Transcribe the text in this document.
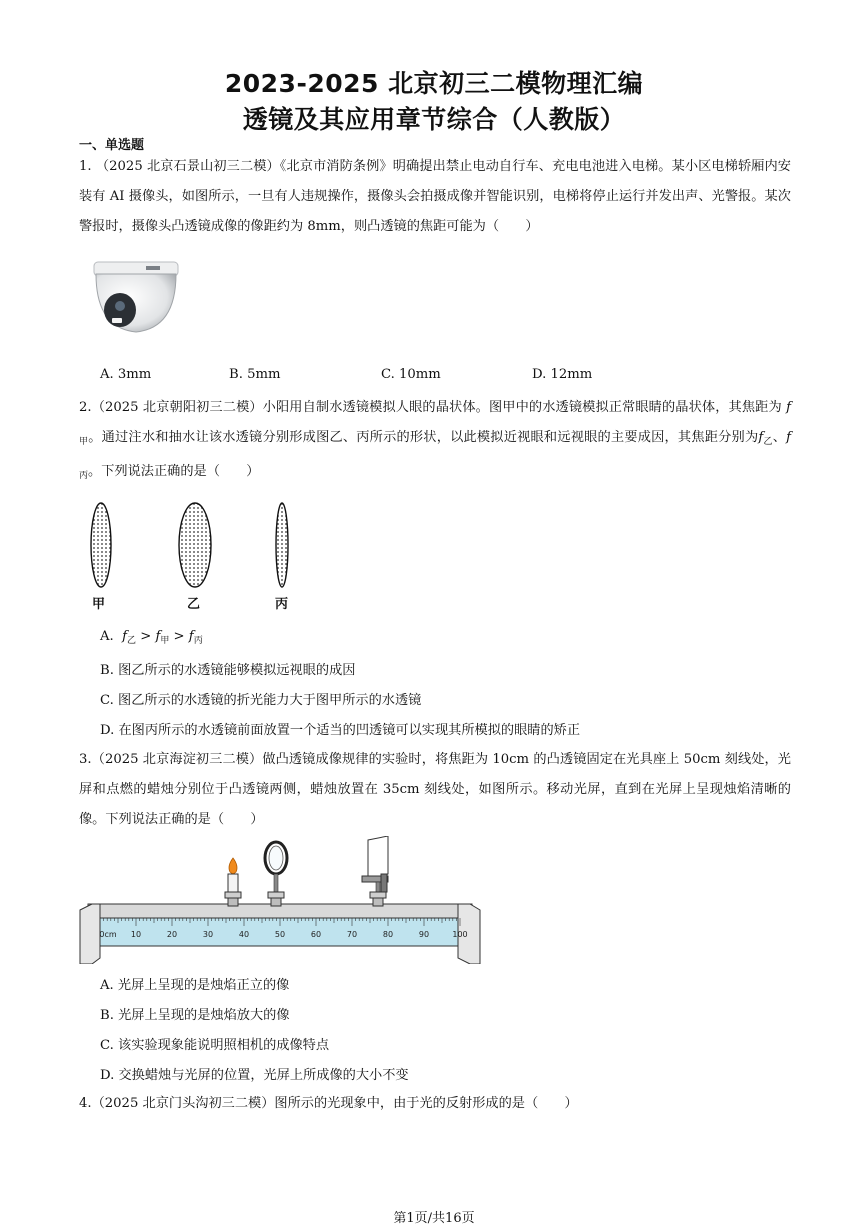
2023-2025 北京初三二模物理汇编
透镜及其应用章节综合（人教版）
一、单选题
1. （2025 北京石景山初三二模）《北京市消防条例》明确提出禁止电动自行车、充电电池进入电梯。某小区电梯轿厢内安装有 AI 摄像头，如图所示，一旦有人违规操作，摄像头会拍摄成像并智能识别，电梯将停止运行并发出声、光警报。某次警报时，摄像头凸透镜成像的像距约为 8mm，则凸透镜的焦距可能为（　　）
A. 3mm	B. 5mm	C. 10mm	D. 12mm
2.（2025 北京朝阳初三二模）小阳用自制水透镜模拟人眼的晶状体。图甲中的水透镜模拟正常眼睛的晶状体，其焦距为 $f_甲$。通过注水和抽水让该水透镜分别形成图乙、丙所示的形状，以此模拟近视眼和远视眼的主要成因，其焦距分别为$f_乙$、$f_丙$。下列说法正确的是（　　）
甲	乙	丙
A. $f_乙 > f_甲 > f_丙$
B. 图乙所示的水透镜能够模拟远视眼的成因
C. 图乙所示的水透镜的折光能力大于图甲所示的水透镜
D. 在图丙所示的水透镜前面放置一个适当的凹透镜可以实现其所模拟的眼睛的矫正
3.（2025 北京海淀初三二模）做凸透镜成像规律的实验时，将焦距为 10cm 的凸透镜固定在光具座上 50cm 刻线处，光屏和点燃的蜡烛分别位于凸透镜两侧，蜡烛放置在 35cm 刻线处，如图所示。移动光屏，直到在光屏上呈现烛焰清晰的像。下列说法正确的是（　　）
0cm 10	20	30	40	50	60	70	80	90	100
A. 光屏上呈现的是烛焰正立的像
B. 光屏上呈现的是烛焰放大的像
C. 该实验现象能说明照相机的成像特点
D. 交换蜡烛与光屏的位置，光屏上所成像的大小不变
4.（2025 北京门头沟初三二模）图所示的光现象中，由于光的反射形成的是（　　）
第1页/共16页
